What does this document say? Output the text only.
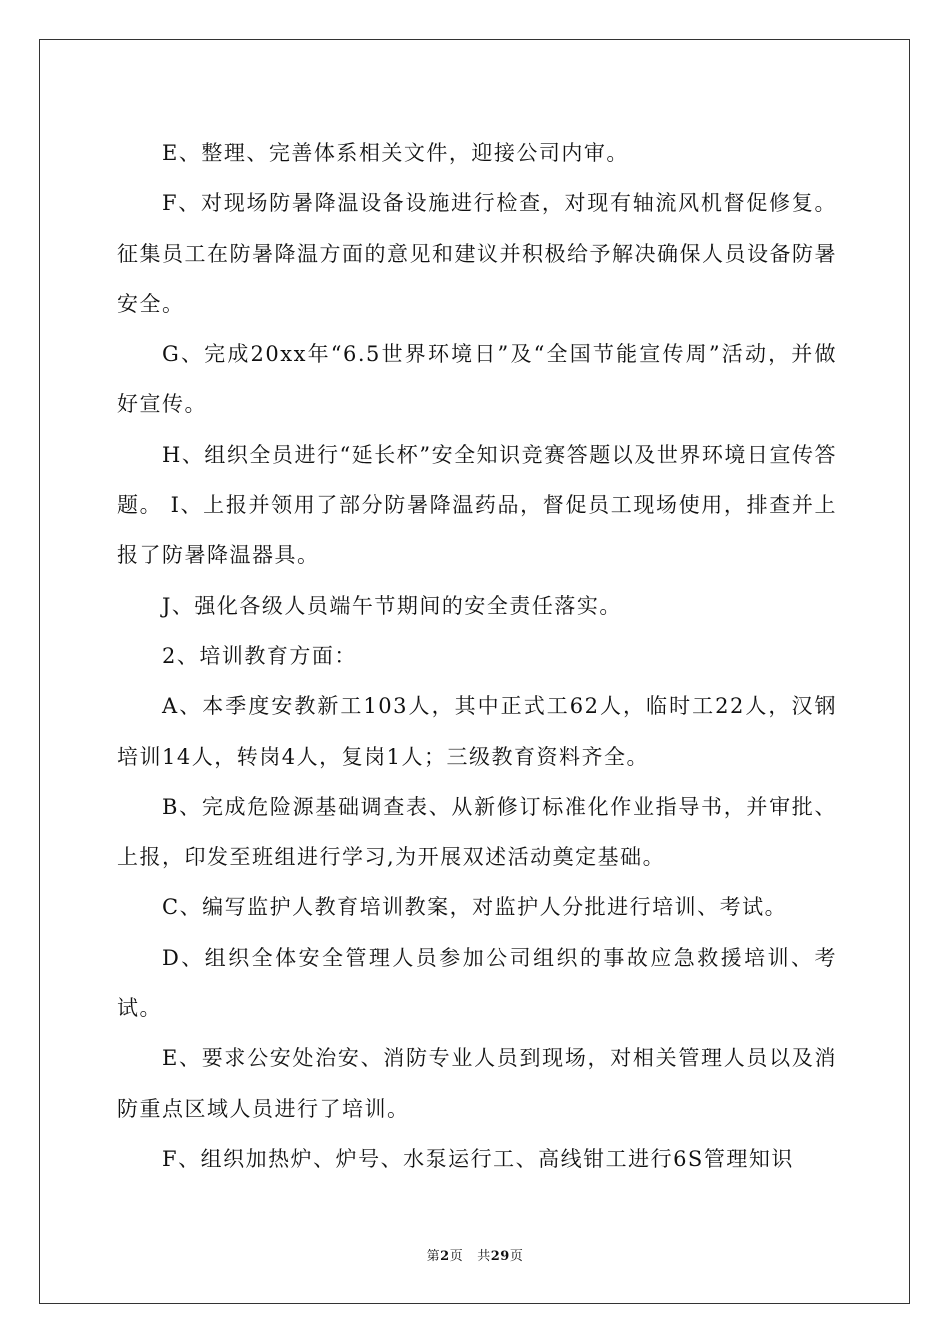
E、整理、完善体系相关文件，迎接公司内审。

F、对现场防暑降温设备设施进行检查，对现有轴流风机督促修复。征集员工在防暑降温方面的意见和建议并积极给予解决确保人员设备防暑安全。

G、完成20xx年“6.5世界环境日”及“全国节能宣传周”活动，并做好宣传。

H、组织全员进行“延长杯”安全知识竞赛答题以及世界环境日宣传答题。 I、上报并领用了部分防暑降温药品，督促员工现场使用，排查并上报了防暑降温器具。

J、强化各级人员端午节期间的安全责任落实。

2、培训教育方面：

A、本季度安教新工103人，其中正式工62人，临时工22人，汉钢培训14人，转岗4人，复岗1人；三级教育资料齐全。

B、完成危险源基础调查表、从新修订标准化作业指导书，并审批、上报，印发至班组进行学习,为开展双述活动奠定基础。

C、编写监护人教育培训教案，对监护人分批进行培训、考试。

D、组织全体安全管理人员参加公司组织的事故应急救援培训、考试。

E、要求公安处治安、消防专业人员到现场，对相关管理人员以及消防重点区域人员进行了培训。

F、组织加热炉、炉号、水泵运行工、高线钳工进行6S管理知识

第2页 共29页
